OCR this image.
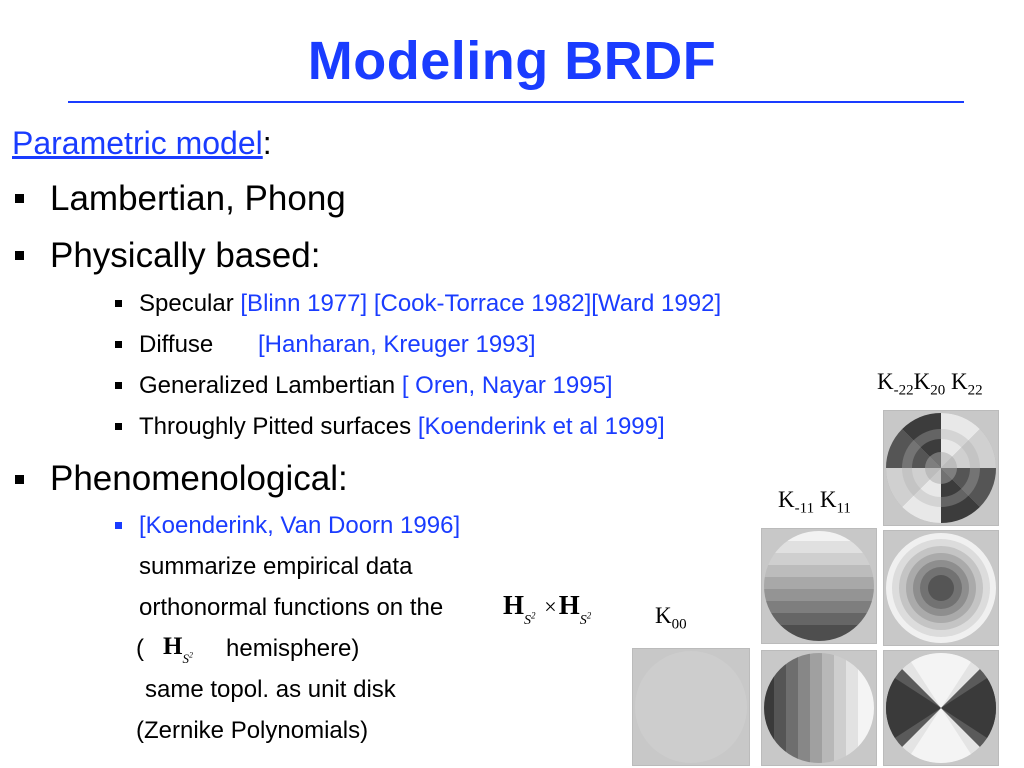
Modeling BRDF
Parametric model:
Lambertian, Phong
Physically based:
Specular [Blinn 1977] [Cook-Torrace 1982][Ward 1992]
Diffuse [Hanharan, Kreuger 1993]
Generalized Lambertian [ Oren, Nayar 1995]
Throughly Pitted surfaces [Koenderink et al 1999]
Phenomenological:
[Koenderink, Van Doorn 1996]
summarize empirical data
orthonormal functions on the $H_{S^2} \times H_{S^2}$
( $H_{S^2}$ hemisphere)
same topol. as unit disk
(Zernike Polynomials)
$K_{00}$
$K_{-11}$ $K_{11}$
$K_{-22}K_{20}$ $K_{22}$
